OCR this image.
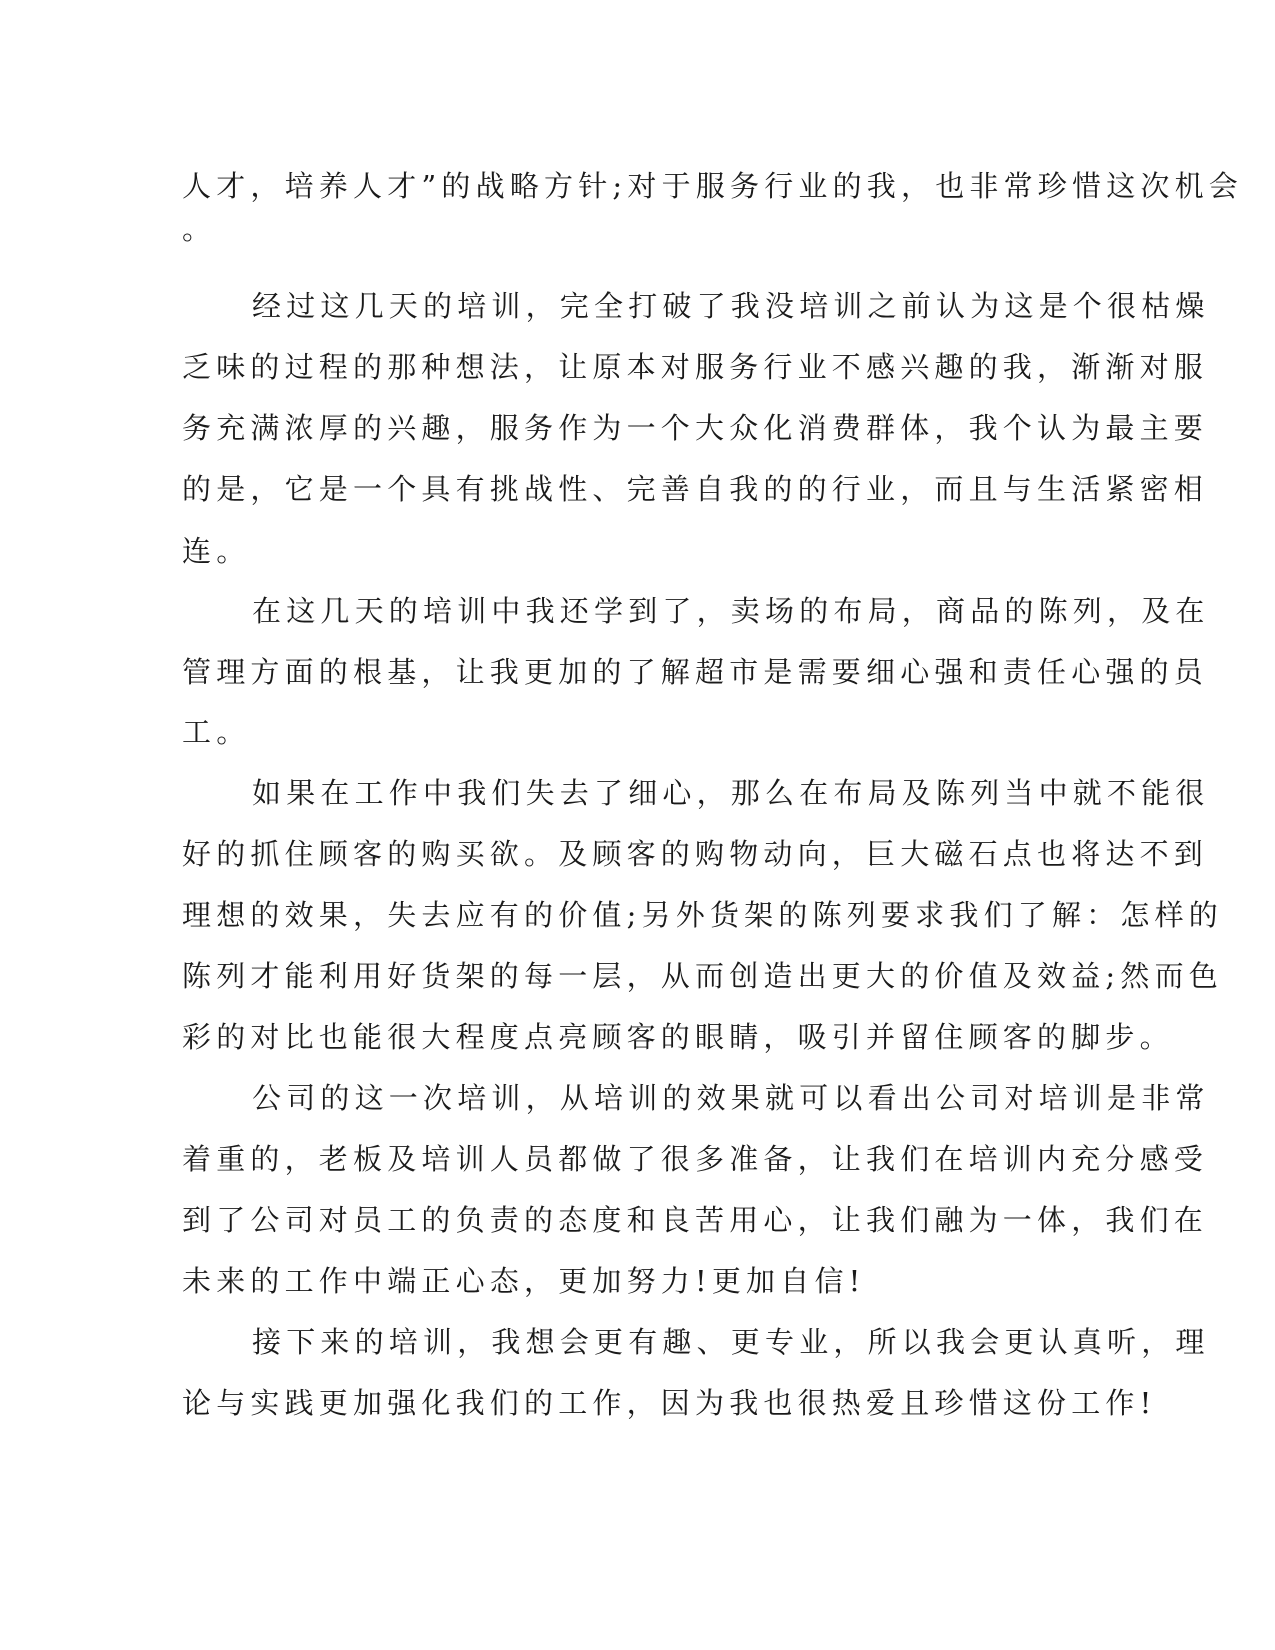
人才，培养人才”的战略方针;对于服务行业的我，也非常珍惜这次机会

。

经过这几天的培训，完全打破了我没培训之前认为这是个很枯燥

乏味的过程的那种想法，让原本对服务行业不感兴趣的我，渐渐对服

务充满浓厚的兴趣，服务作为一个大众化消费群体，我个认为最主要

的是，它是一个具有挑战性、完善自我的的行业，而且与生活紧密相

连。

在这几天的培训中我还学到了，卖场的布局，商品的陈列，及在

管理方面的根基，让我更加的了解超市是需要细心强和责任心强的员

工。

如果在工作中我们失去了细心，那么在布局及陈列当中就不能很

好的抓住顾客的购买欲。及顾客的购物动向，巨大磁石点也将达不到

理想的效果，失去应有的价值;另外货架的陈列要求我们了解：怎样的

陈列才能利用好货架的每一层，从而创造出更大的价值及效益;然而色

彩的对比也能很大程度点亮顾客的眼睛，吸引并留住顾客的脚步。

公司的这一次培训，从培训的效果就可以看出公司对培训是非常

着重的，老板及培训人员都做了很多准备，让我们在培训内充分感受

到了公司对员工的负责的态度和良苦用心，让我们融为一体，我们在

未来的工作中端正心态，更加努力!更加自信!

接下来的培训，我想会更有趣、更专业，所以我会更认真听，理

论与实践更加强化我们的工作，因为我也很热爱且珍惜这份工作!
